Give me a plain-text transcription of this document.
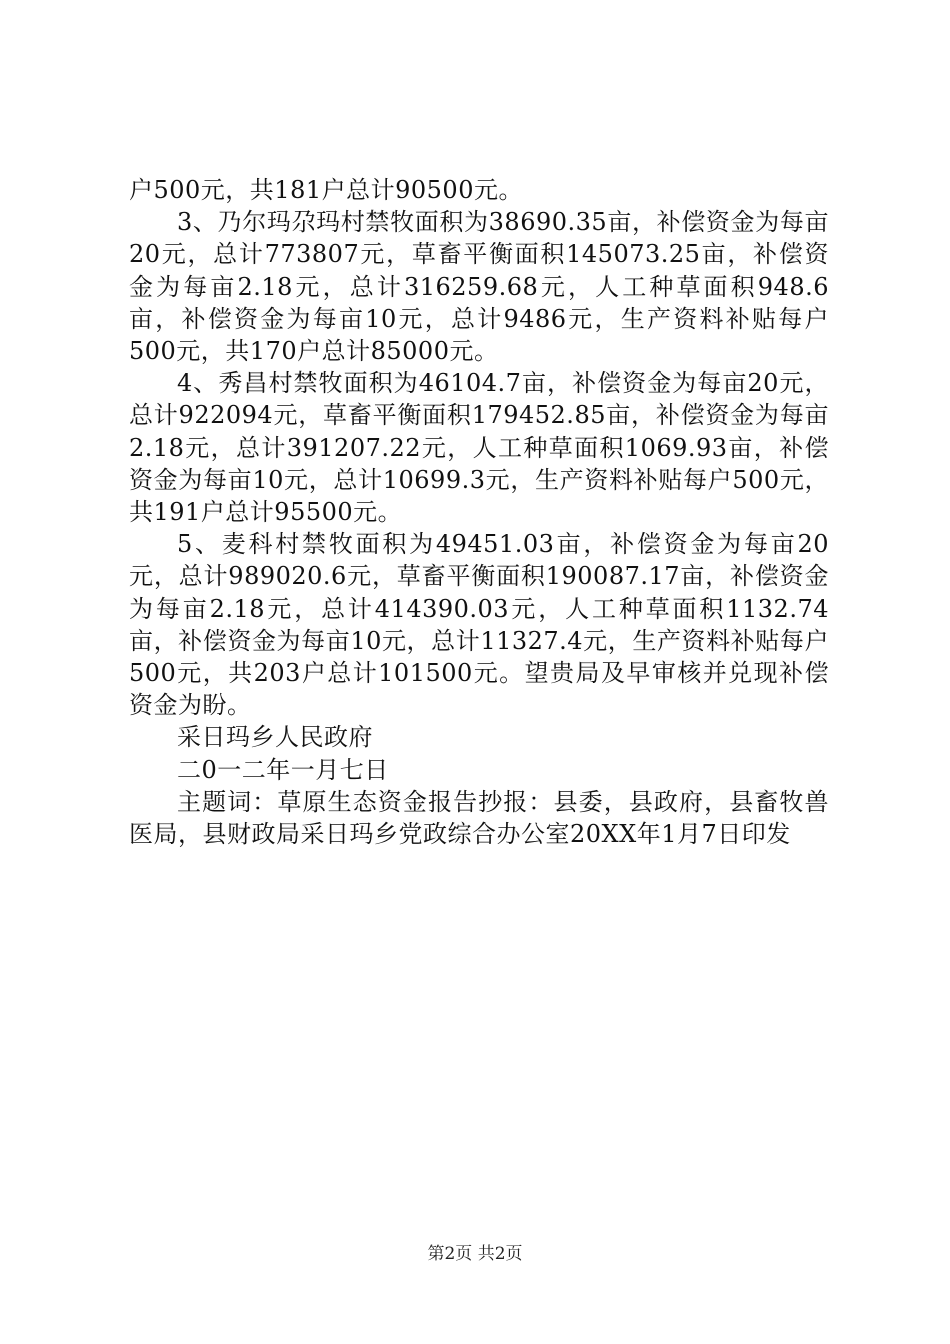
户500元，共181户总计90500元。

3、乃尔玛尕玛村禁牧面积为38690.35亩，补偿资金为每亩20元，总计773807元，草畜平衡面积145073.25亩，补偿资金为每亩2.18元，总计316259.68元，人工种草面积948.6亩，补偿资金为每亩10元，总计9486元，生产资料补贴每户500元，共170户总计85000元。

4、秀昌村禁牧面积为46104.7亩，补偿资金为每亩20元，总计922094元，草畜平衡面积179452.85亩，补偿资金为每亩2.18元，总计391207.22元，人工种草面积1069.93亩，补偿资金为每亩10元，总计10699.3元，生产资料补贴每户500元，共191户总计95500元。

5、麦科村禁牧面积为49451.03亩，补偿资金为每亩20元，总计989020.6元，草畜平衡面积190087.17亩，补偿资金为每亩2.18元，总计414390.03元，人工种草面积1132.74亩，补偿资金为每亩10元，总计11327.4元，生产资料补贴每户500元，共203户总计101500元。望贵局及早审核并兑现补偿资金为盼。

采日玛乡人民政府

二0一二年一月七日

主题词：草原生态资金报告抄报：县委，县政府，县畜牧兽医局，县财政局采日玛乡党政综合办公室20XX年1月7日印发

第2页 共2页
